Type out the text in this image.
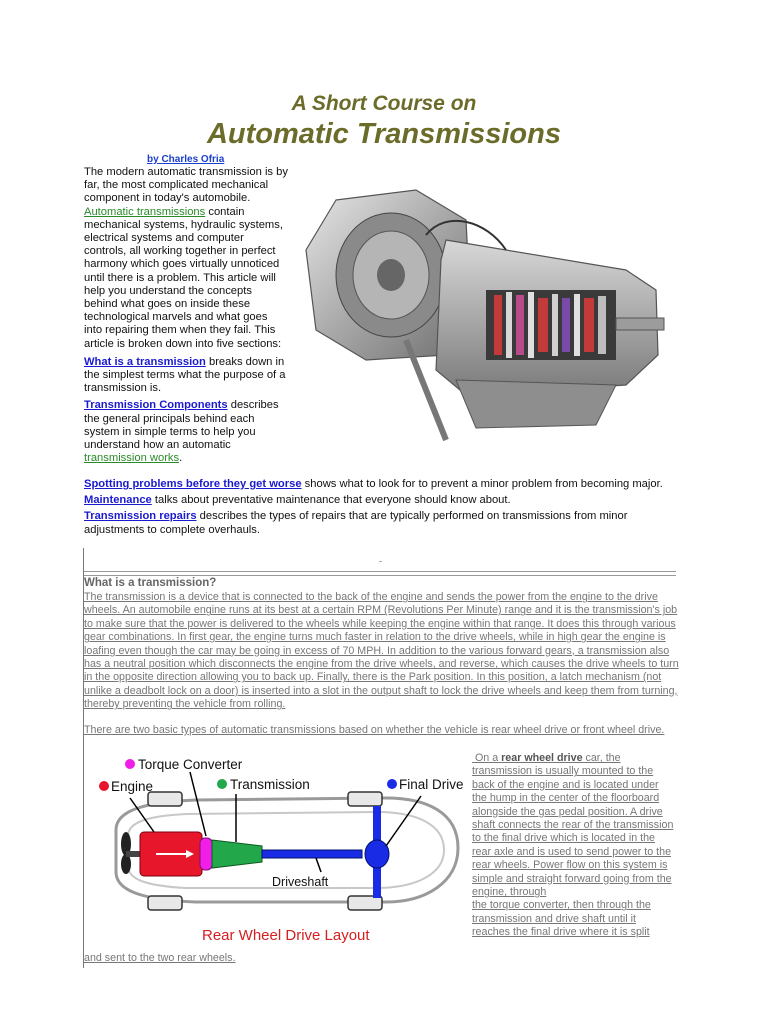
A Short Course on
Automatic Transmissions
by Charles Ofria

The modern automatic transmission is by far, the most complicated mechanical component in today's automobile.  Automatic transmissions contain mechanical systems, hydraulic systems, electrical systems and computer controls, all working together in perfect harmony which goes virtually unnoticed until there is a problem. This article will help you understand the concepts behind what goes on inside these technological marvels and what goes into repairing them when they fail. This article is broken down into five sections:

What is a transmission breaks down in the simplest terms what the purpose of a transmission is.

Transmission Components describes the general principals behind each system in simple terms to help you understand how an automatic transmission works.

Spotting problems before they get worse shows what to look for to prevent a minor problem from becoming major.

Maintenance talks about preventative maintenance that everyone should know about.

Transmission repairs describes the types of repairs that are typically performed on transmissions from minor adjustments to complete overhauls.

-
What is a transmission?
The transmission is a device that is connected to the back of the engine and sends the power from the engine to the drive wheels. An automobile engine runs at its best at a certain RPM (Revolutions Per Minute) range and it is the transmission's job to make sure that the power is delivered to the wheels while keeping the engine within that range. It does this through various gear combinations. In first gear, the engine turns much faster in relation to the drive wheels, while in high gear the engine is loafing even though the car may be going in excess of 70 MPH. In addition to the various forward gears, a transmission also has a neutral position which disconnects the engine from the drive wheels, and reverse, which causes the drive wheels to turn in the opposite direction allowing you to back up. Finally, there is the Park position. In this position, a latch mechanism (not unlike a deadbolt lock on a door) is inserted into a slot in the output shaft to lock the drive wheels and keep them from turning, thereby preventing the vehicle from rolling.
There are two basic types of automatic transmissions based on whether the vehicle is rear wheel drive or front wheel drive.
Torque Converter
Engine	Transmission	Final Drive
Driveshaft
Rear Wheel Drive Layout
On a rear wheel drive car, the transmission is usually mounted to the back of the engine and is located under the hump in the center of the floorboard alongside the gas pedal position. A drive shaft connects the rear of the transmission to the final drive which is located in the rear axle and is used to send power to the rear wheels. Power flow on this system is simple and straight forward going from the engine, through
the torque converter, then through the transmission and drive shaft until it reaches the final drive where it is split
and sent to the two rear wheels.
